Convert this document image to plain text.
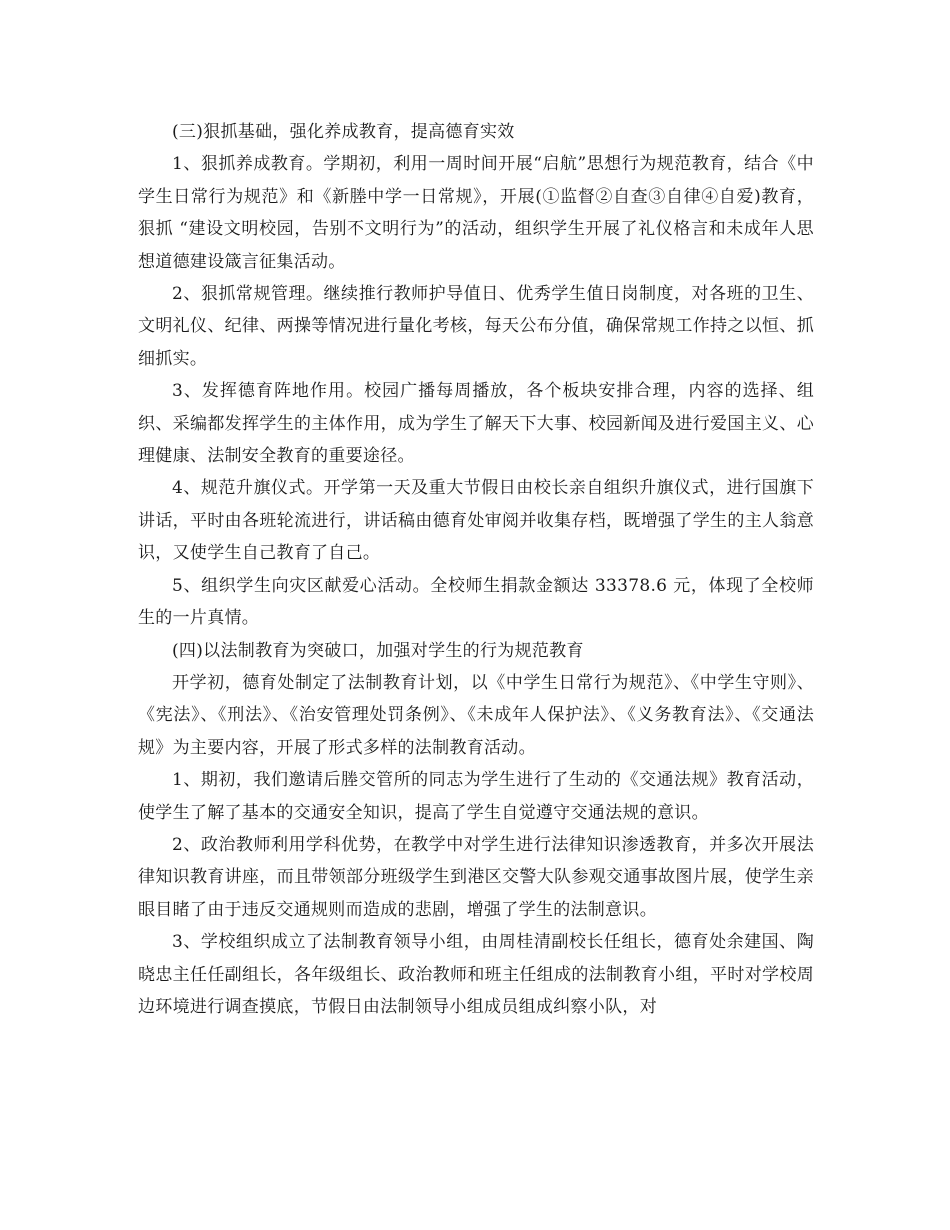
(三)狠抓基础，强化养成教育，提高德育实效

1、狠抓养成教育。学期初，利用一周时间开展“启航”思想行为规范教育，结合《中学生日常行为规范》和《新塍中学一日常规》，开展(①监督②自查③自律④自爱)教育，狠抓 “建设文明校园，告别不文明行为”的活动，组织学生开展了礼仪格言和未成年人思想道德建设箴言征集活动。

2、狠抓常规管理。继续推行教师护导值日、优秀学生值日岗制度，对各班的卫生、文明礼仪、纪律、两操等情况进行量化考核，每天公布分值，确保常规工作持之以恒、抓细抓实。

3、发挥德育阵地作用。校园广播每周播放，各个板块安排合理，内容的选择、组织、采编都发挥学生的主体作用，成为学生了解天下大事、校园新闻及进行爱国主义、心理健康、法制安全教育的重要途径。

4、规范升旗仪式。开学第一天及重大节假日由校长亲自组织升旗仪式，进行国旗下讲话，平时由各班轮流进行，讲话稿由德育处审阅并收集存档，既增强了学生的主人翁意识，又使学生自己教育了自己。

5、组织学生向灾区献爱心活动。全校师生捐款金额达 33378.6 元，体现了全校师生的一片真情。

(四)以法制教育为突破口，加强对学生的行为规范教育

开学初，德育处制定了法制教育计划，以《中学生日常行为规范》、《中学生守则》、《宪法》、《刑法》、《治安管理处罚条例》、《未成年人保护法》、《义务教育法》、《交通法规》为主要内容，开展了形式多样的法制教育活动。

1、期初，我们邀请后塍交管所的同志为学生进行了生动的《交通法规》教育活动，使学生了解了基本的交通安全知识，提高了学生自觉遵守交通法规的意识。

2、政治教师利用学科优势，在教学中对学生进行法律知识渗透教育，并多次开展法律知识教育讲座，而且带领部分班级学生到港区交警大队参观交通事故图片展，使学生亲眼目睹了由于违反交通规则而造成的悲剧，增强了学生的法制意识。

3、学校组织成立了法制教育领导小组，由周桂清副校长任组长，德育处余建国、陶晓忠主任任副组长，各年级组长、政治教师和班主任组成的法制教育小组，平时对学校周边环境进行调查摸底，节假日由法制领导小组成员组成纠察小队，对
